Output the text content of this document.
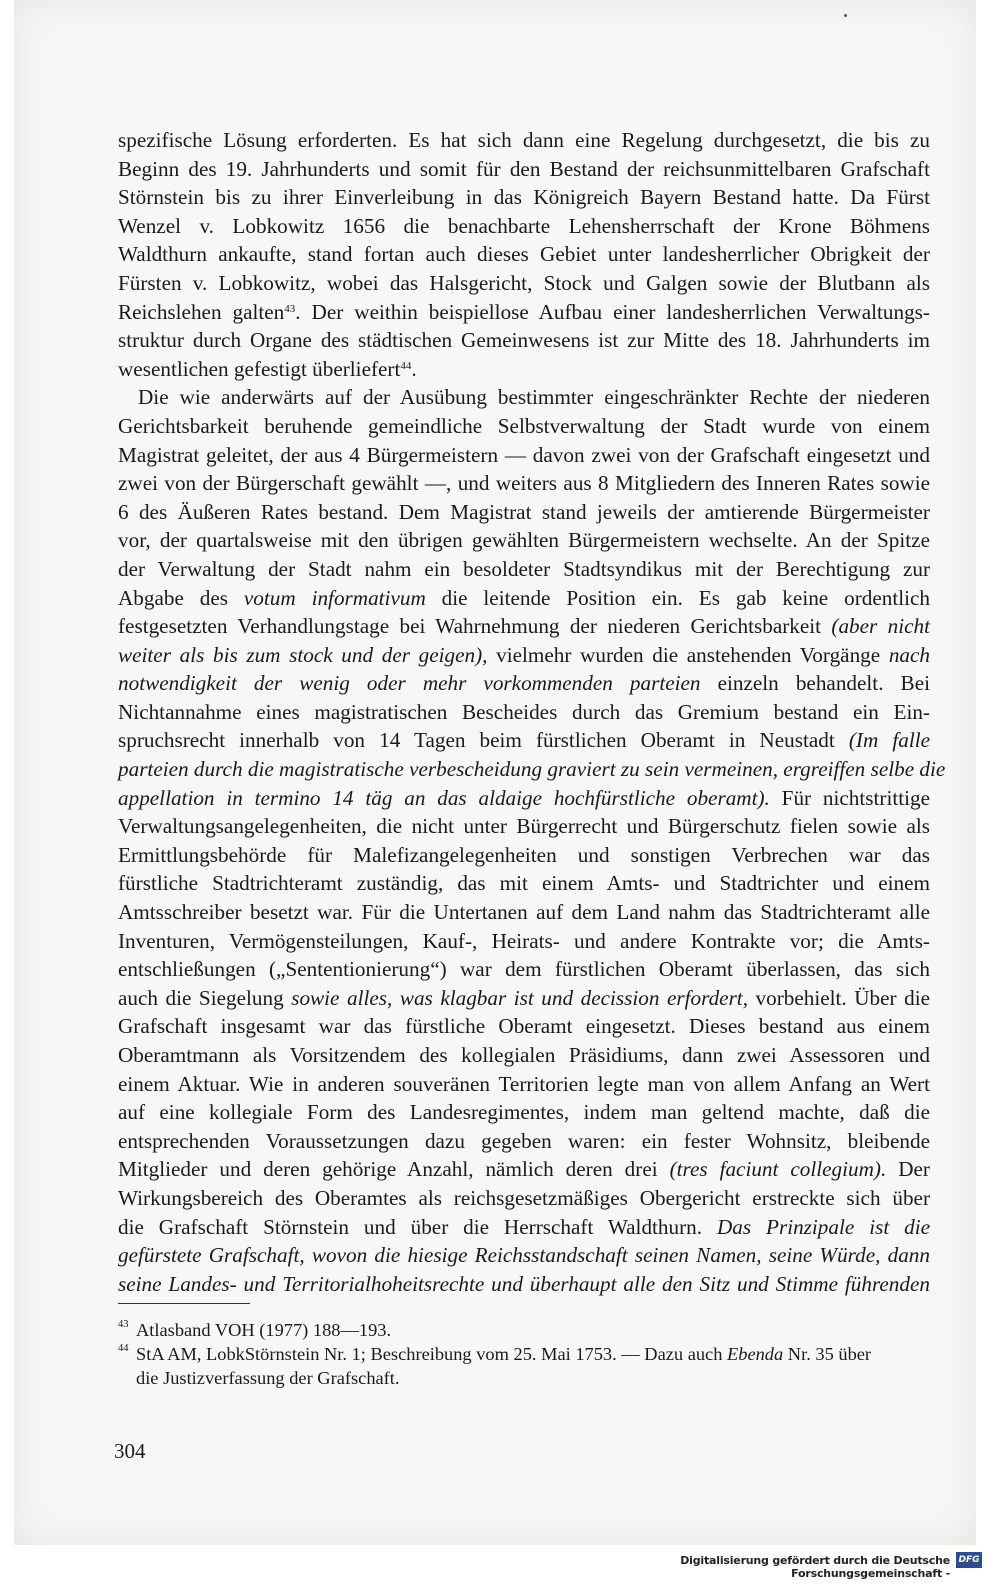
spezifische Lösung erforderten. Es hat sich dann eine Regelung durchgesetzt, die bis zu
Beginn des 19. Jahrhunderts und somit für den Bestand der reichsunmittelbaren Grafschaft
Störnstein bis zu ihrer Einverleibung in das Königreich Bayern Bestand hatte. Da Fürst
Wenzel v. Lobkowitz 1656 die benachbarte Lehensherrschaft der Krone Böhmens
Waldthurn ankaufte, stand fortan auch dieses Gebiet unter landesherrlicher Obrigkeit der
Fürsten v. Lobkowitz, wobei das Halsgericht, Stock und Galgen sowie der Blutbann als
Reichslehen galten$^{43}$. Der weithin beispiellose Aufbau einer landesherrlichen Verwaltungs-
struktur durch Organe des städtischen Gemeinwesens ist zur Mitte des 18. Jahrhunderts im
wesentlichen gefestigt überliefert$^{44}$.
Die wie anderwärts auf der Ausübung bestimmter eingeschränkter Rechte der niederen
Gerichtsbarkeit beruhende gemeindliche Selbstverwaltung der Stadt wurde von einem
Magistrat geleitet, der aus 4 Bürgermeistern — davon zwei von der Grafschaft eingesetzt und
zwei von der Bürgerschaft gewählt —, und weiters aus 8 Mitgliedern des Inneren Rates sowie
6 des Äußeren Rates bestand. Dem Magistrat stand jeweils der amtierende Bürgermeister
vor, der quartalsweise mit den übrigen gewählten Bürgermeistern wechselte. An der Spitze
der Verwaltung der Stadt nahm ein besoldeter Stadtsyndikus mit der Berechtigung zur
Abgabe des votum informativum die leitende Position ein. Es gab keine ordentlich
festgesetzten Verhandlungstage bei Wahrnehmung der niederen Gerichtsbarkeit (aber nicht
weiter als bis zum stock und der geigen), vielmehr wurden die anstehenden Vorgänge nach
notwendigkeit der wenig oder mehr vorkommenden parteien einzeln behandelt. Bei
Nichtannahme eines magistratischen Bescheides durch das Gremium bestand ein Ein-
spruchsrecht innerhalb von 14 Tagen beim fürstlichen Oberamt in Neustadt (Im falle
parteien durch die magistratische verbescheidung graviert zu sein vermeinen, ergreiffen selbe die
appellation in termino 14 täg an das aldaige hochfürstliche oberamt). Für nichtstrittige
Verwaltungsangelegenheiten, die nicht unter Bürgerrecht und Bürgerschutz fielen sowie als
Ermittlungsbehörde für Malefizangelegenheiten und sonstigen Verbrechen war das
fürstliche Stadtrichteramt zuständig, das mit einem Amts- und Stadtrichter und einem
Amtsschreiber besetzt war. Für die Untertanen auf dem Land nahm das Stadtrichteramt alle
Inventuren, Vermögensteilungen, Kauf-, Heirats- und andere Kontrakte vor; die Amts-
entschließungen („Sententionierung“) war dem fürstlichen Oberamt überlassen, das sich
auch die Siegelung sowie alles, was klagbar ist und decission erfordert, vorbehielt. Über die
Grafschaft insgesamt war das fürstliche Oberamt eingesetzt. Dieses bestand aus einem
Oberamtmann als Vorsitzendem des kollegialen Präsidiums, dann zwei Assessoren und
einem Aktuar. Wie in anderen souveränen Territorien legte man von allem Anfang an Wert
auf eine kollegiale Form des Landesregimentes, indem man geltend machte, daß die
entsprechenden Voraussetzungen dazu gegeben waren: ein fester Wohnsitz, bleibende
Mitglieder und deren gehörige Anzahl, nämlich deren drei (tres faciunt collegium). Der
Wirkungsbereich des Oberamtes als reichsgesetzmäßiges Obergericht erstreckte sich über
die Grafschaft Störnstein und über die Herrschaft Waldthurn. Das Prinzipale ist die
gefürstete Grafschaft, wovon die hiesige Reichsstandschaft seinen Namen, seine Würde, dann
seine Landes- und Territorialhoheitsrechte und überhaupt alle den Sitz und Stimme führenden
43 Atlasband VOH (1977) 188—193.
44 StA AM, LobkStörnstein Nr. 1; Beschreibung vom 25. Mai 1753. — Dazu auch Ebenda Nr. 35 über
die Justizverfassung der Grafschaft.
304
Digitalisierung gefördert durch die Deutsche Forschungsgemeinschaft -
DFG
